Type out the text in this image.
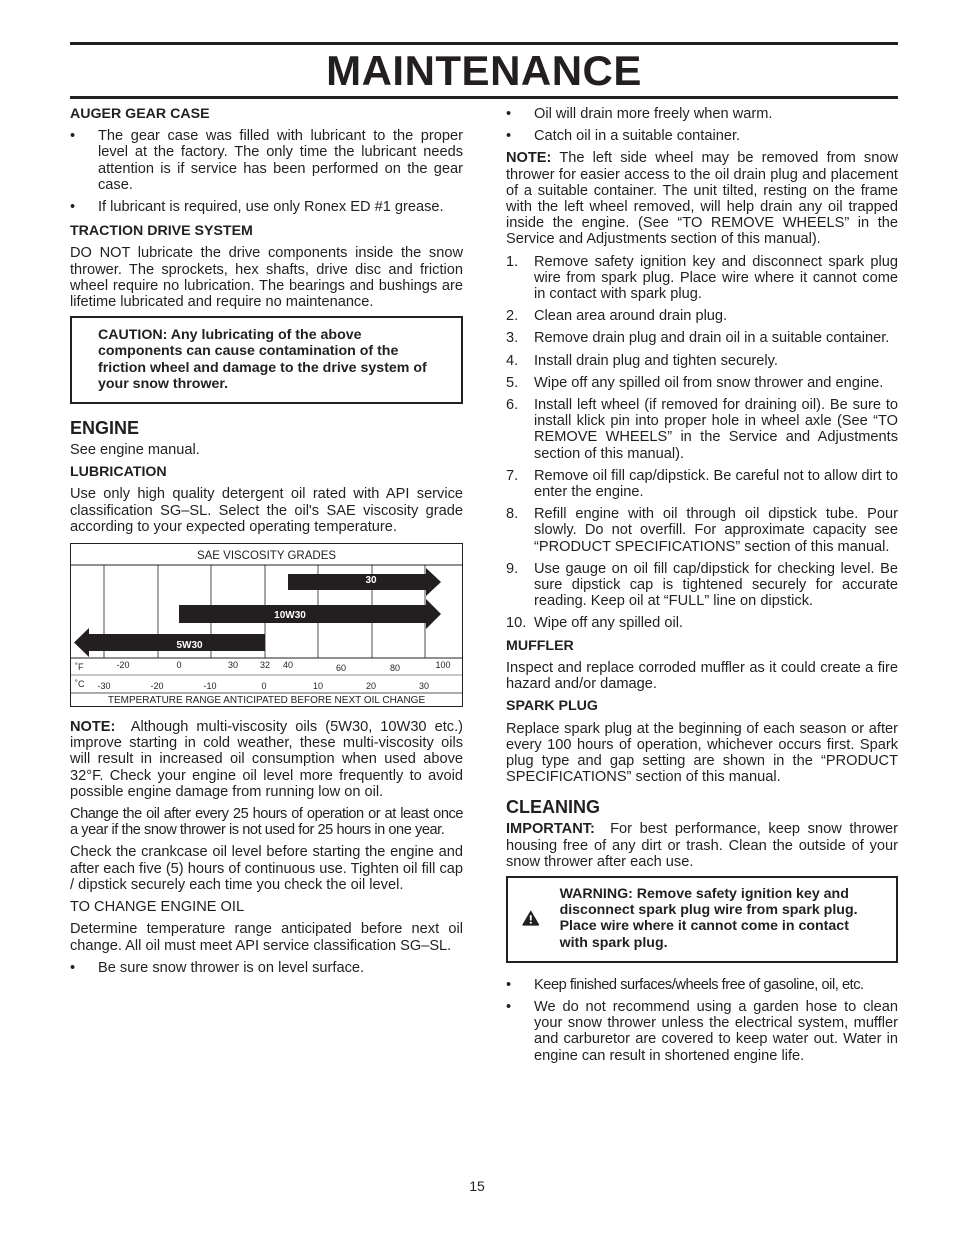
MAINTENANCE
AUGER GEAR CASE
• The gear case was filled with lubricant to the proper level at the factory. The only time the lubricant needs attention is if service has been performed on the gear case.
• If lubricant is required, use only Ronex ED #1 grease.
TRACTION DRIVE SYSTEM

DO NOT lubricate the drive components inside the snow thrower. The sprockets, hex shafts, drive disc and friction wheel require no lubrication. The bearings and bushings are lifetime lubricated and require no maintenance.

CAUTION: Any lubricating of the above components can cause contamination of the friction wheel and damage to the drive system of your snow thrower.
ENGINE

See engine manual.

LUBRICATION

Use only high quality detergent oil rated with API service classification SG–SL. Select the oil's SAE viscosity grade according to your expected operating temperature.

SAE VISCOSITY GRADES
30
10W30
5W30
˚F	-20	0	30 32 40	60	80	100
˚C -30	-20	-10	0	10	20	30
TEMPERATURE RANGE ANTICIPATED BEFORE NEXT OIL CHANGE

NOTE: Although multi-viscosity oils (5W30, 10W30 etc.) improve starting in cold weather, these multi-viscosity oils will result in increased oil consumption when used above 32°F. Check your engine oil level more frequently to avoid possible engine damage from running low on oil.

Change the oil after every 25 hours of operation or at least once a year if the snow thrower is not used for 25 hours in one year.

Check the crankcase oil level before starting the engine and after each five (5) hours of continuous use. Tighten oil fill cap / dipstick securely each time you check the oil level.

TO CHANGE ENGINE OIL

Determine temperature range anticipated before next oil change. All oil must meet API service classification SG–SL.

• Be sure snow thrower is on level surface.
• Oil will drain more freely when warm.
• Catch oil in a suitable container.

NOTE: The left side wheel may be removed from snow thrower for easier access to the oil drain plug and placement of a suitable container. The unit tilted, resting on the frame with the left wheel removed, will help drain any oil trapped inside the engine. (See “TO REMOVE WHEELS” in the Service and Adjustments section of this manual).

1. Remove safety ignition key and disconnect spark plug wire from spark plug. Place wire where it cannot come in contact with spark plug.
2. Clean area around drain plug.
3. Remove drain plug and drain oil in a suitable container.
4. Install drain plug and tighten securely.
5. Wipe off any spilled oil from snow thrower and engine.
6. Install left wheel (if removed for draining oil). Be sure to install klick pin into proper hole in wheel axle (See “TO REMOVE WHEELS” in the Service and Adjustments section of this manual).
7. Remove oil fill cap/dipstick. Be careful not to allow dirt to enter the engine.
8. Refill engine with oil through oil dipstick tube. Pour slowly. Do not overfill. For approximate capacity see “PRODUCT SPECIFICATIONS” section of this manual.
9. Use gauge on oil fill cap/dipstick for checking level. Be sure dipstick cap is tightened securely for accurate reading. Keep oil at “FULL” line on dipstick.
10. Wipe off any spilled oil.
MUFFLER

Inspect and replace corroded muffler as it could create a fire hazard and/or damage.

SPARK PLUG

Replace spark plug at the beginning of each season or after every 100 hours of operation, whichever occurs first. Spark plug type and gap setting are shown in the “PRODUCT SPECIFICATIONS” section of this manual.

CLEANING

IMPORTANT: For best performance, keep snow thrower housing free of any dirt or trash. Clean the outside of your snow thrower after each use.

WARNING: Remove safety ignition key and disconnect spark plug wire from spark plug. Place wire where it cannot come in contact with spark plug.
• Keep finished surfaces/wheels free of gasoline, oil, etc.
• We do not recommend using a garden hose to clean your snow thrower unless the electrical system, muffler and carburetor are covered to keep water out. Water in engine can result in shortened engine life.
15
